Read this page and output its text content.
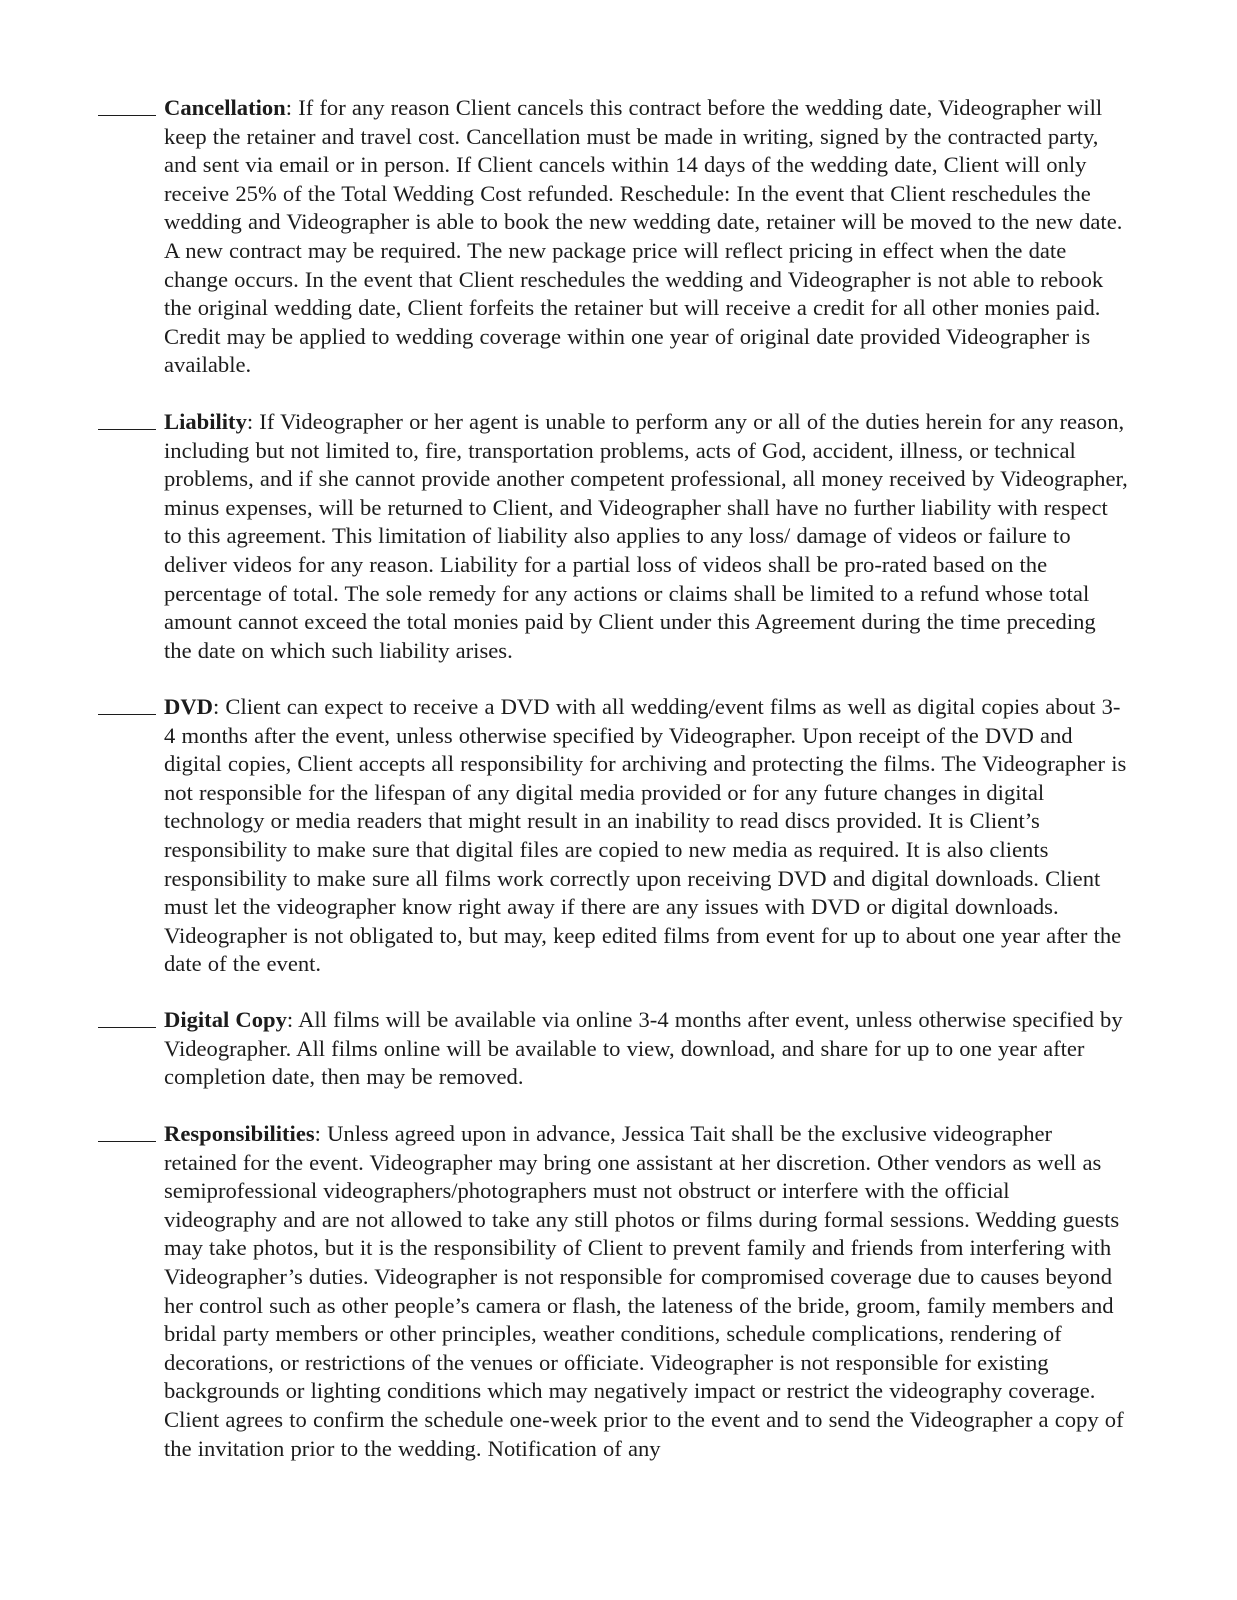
Cancellation: If for any reason Client cancels this contract before the wedding date, Videographer will keep the retainer and travel cost. Cancellation must be made in writing, signed by the contracted party, and sent via email or in person. If Client cancels within 14 days of the wedding date, Client will only receive 25% of the Total Wedding Cost refunded. Reschedule: In the event that Client reschedules the wedding and Videographer is able to book the new wedding date, retainer will be moved to the new date. A new contract may be required. The new package price will reflect pricing in effect when the date change occurs. In the event that Client reschedules the wedding and Videographer is not able to rebook the original wedding date, Client forfeits the retainer but will receive a credit for all other monies paid. Credit may be applied to wedding coverage within one year of original date provided Videographer is available.
Liability: If Videographer or her agent is unable to perform any or all of the duties herein for any reason, including but not limited to, fire, transportation problems, acts of God, accident, illness, or technical problems, and if she cannot provide another competent professional, all money received by Videographer, minus expenses, will be returned to Client, and Videographer shall have no further liability with respect to this agreement. This limitation of liability also applies to any loss/ damage of videos or failure to deliver videos for any reason. Liability for a partial loss of videos shall be pro-rated based on the percentage of total. The sole remedy for any actions or claims shall be limited to a refund whose total amount cannot exceed the total monies paid by Client under this Agreement during the time preceding the date on which such liability arises.
DVD: Client can expect to receive a DVD with all wedding/event films as well as digital copies about 3-4 months after the event, unless otherwise specified by Videographer. Upon receipt of the DVD and digital copies, Client accepts all responsibility for archiving and protecting the films. The Videographer is not responsible for the lifespan of any digital media provided or for any future changes in digital technology or media readers that might result in an inability to read discs provided. It is Client’s responsibility to make sure that digital files are copied to new media as required. It is also clients responsibility to make sure all films work correctly upon receiving DVD and digital downloads. Client must let the videographer know right away if there are any issues with DVD or digital downloads. Videographer is not obligated to, but may, keep edited films from event for up to about one year after the date of the event.
Digital Copy: All films will be available via online 3-4 months after event, unless otherwise specified by Videographer. All films online will be available to view, download, and share for up to one year after completion date, then may be removed.
Responsibilities: Unless agreed upon in advance, Jessica Tait shall be the exclusive videographer retained for the event. Videographer may bring one assistant at her discretion. Other vendors as well as semiprofessional videographers/photographers must not obstruct or interfere with the official videography and are not allowed to take any still photos or films during formal sessions. Wedding guests may take photos, but it is the responsibility of Client to prevent family and friends from interfering with Videographer’s duties. Videographer is not responsible for compromised coverage due to causes beyond her control such as other people’s camera or flash, the lateness of the bride, groom, family members and bridal party members or other principles, weather conditions, schedule complications, rendering of decorations, or restrictions of the venues or officiate. Videographer is not responsible for existing backgrounds or lighting conditions which may negatively impact or restrict the videography coverage. Client agrees to confirm the schedule one-week prior to the event and to send the Videographer a copy of the invitation prior to the wedding. Notification of any
